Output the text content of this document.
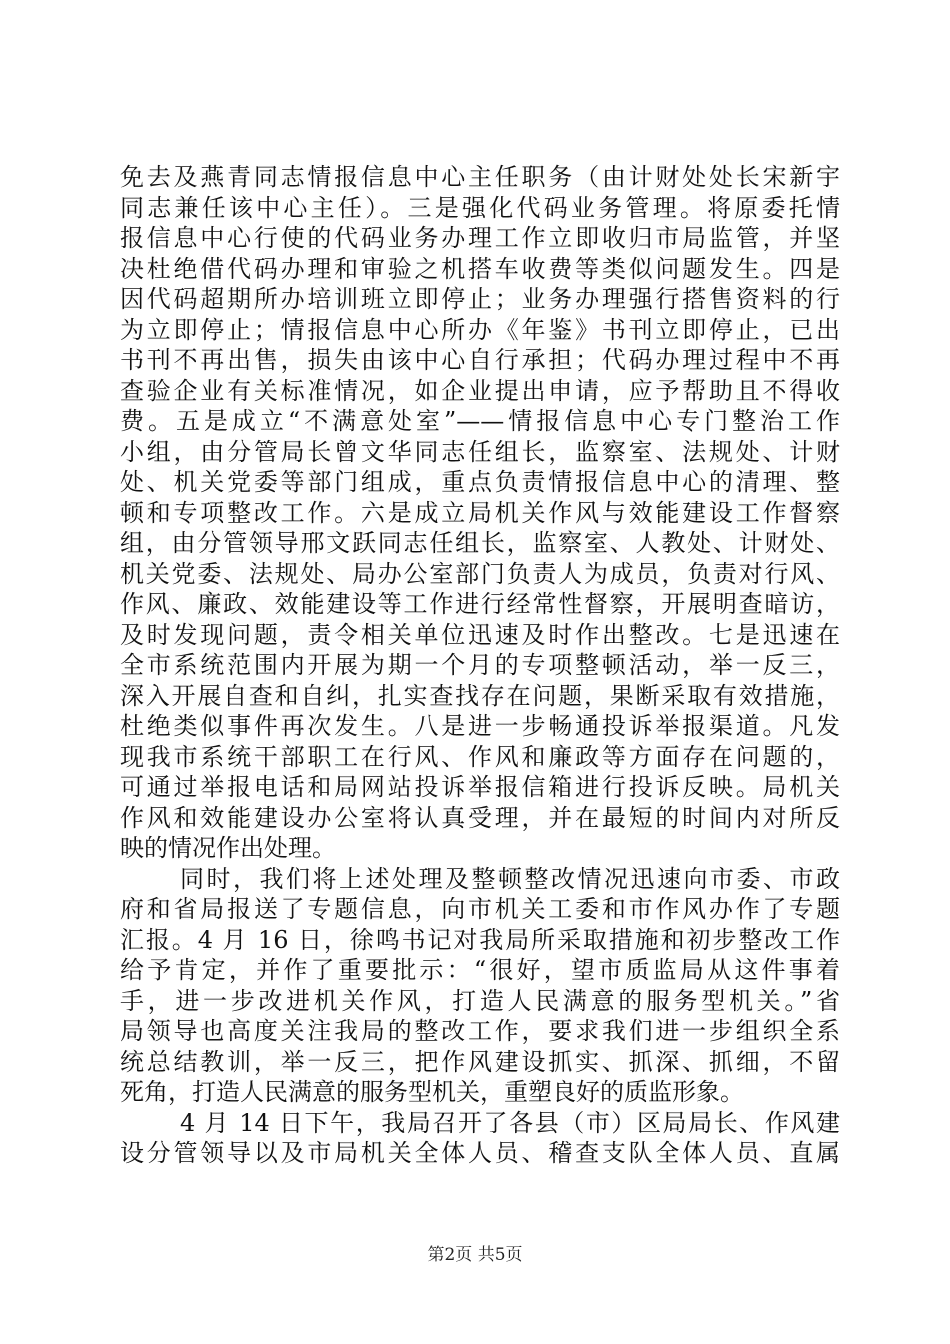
免去及燕青同志情报信息中心主任职务（由计财处处长宋新宇
同志兼任该中心主任）。三是强化代码业务管理。将原委托情
报信息中心行使的代码业务办理工作立即收归市局监管，并坚
决杜绝借代码办理和审验之机搭车收费等类似问题发生。四是
因代码超期所办培训班立即停止；业务办理强行搭售资料的行
为立即停止；情报信息中心所办《年鉴》书刊立即停止，已出
书刊不再出售，损失由该中心自行承担；代码办理过程中不再
查验企业有关标准情况，如企业提出申请，应予帮助且不得收
费。五是成立“不满意处室”——情报信息中心专门整治工作
小组，由分管局长曾文华同志任组长，监察室、法规处、计财
处、机关党委等部门组成，重点负责情报信息中心的清理、整
顿和专项整改工作。六是成立局机关作风与效能建设工作督察
组，由分管领导邢文跃同志任组长，监察室、人教处、计财处、
机关党委、法规处、局办公室部门负责人为成员，负责对行风、
作风、廉政、效能建设等工作进行经常性督察，开展明查暗访，
及时发现问题，责令相关单位迅速及时作出整改。七是迅速在
全市系统范围内开展为期一个月的专项整顿活动，举一反三，
深入开展自查和自纠，扎实查找存在问题，果断采取有效措施，
杜绝类似事件再次发生。八是进一步畅通投诉举报渠道。凡发
现我市系统干部职工在行风、作风和廉政等方面存在问题的，
可通过举报电话和局网站投诉举报信箱进行投诉反映。局机关
作风和效能建设办公室将认真受理，并在最短的时间内对所反
映的情况作出处理。
同时，我们将上述处理及整顿整改情况迅速向市委、市政
府和省局报送了专题信息，向市机关工委和市作风办作了专题
汇报。4 月 16 日，徐鸣书记对我局所采取措施和初步整改工作
给予肯定，并作了重要批示：“很好，望市质监局从这件事着
手，进一步改进机关作风，打造人民满意的服务型机关。”省
局领导也高度关注我局的整改工作，要求我们进一步组织全系
统总结教训，举一反三，把作风建设抓实、抓深、抓细，不留
死角，打造人民满意的服务型机关，重塑良好的质监形象。
4 月 14 日下午，我局召开了各县（市）区局局长、作风建
设分管领导以及市局机关全体人员、稽查支队全体人员、直属
第2页 共5页
